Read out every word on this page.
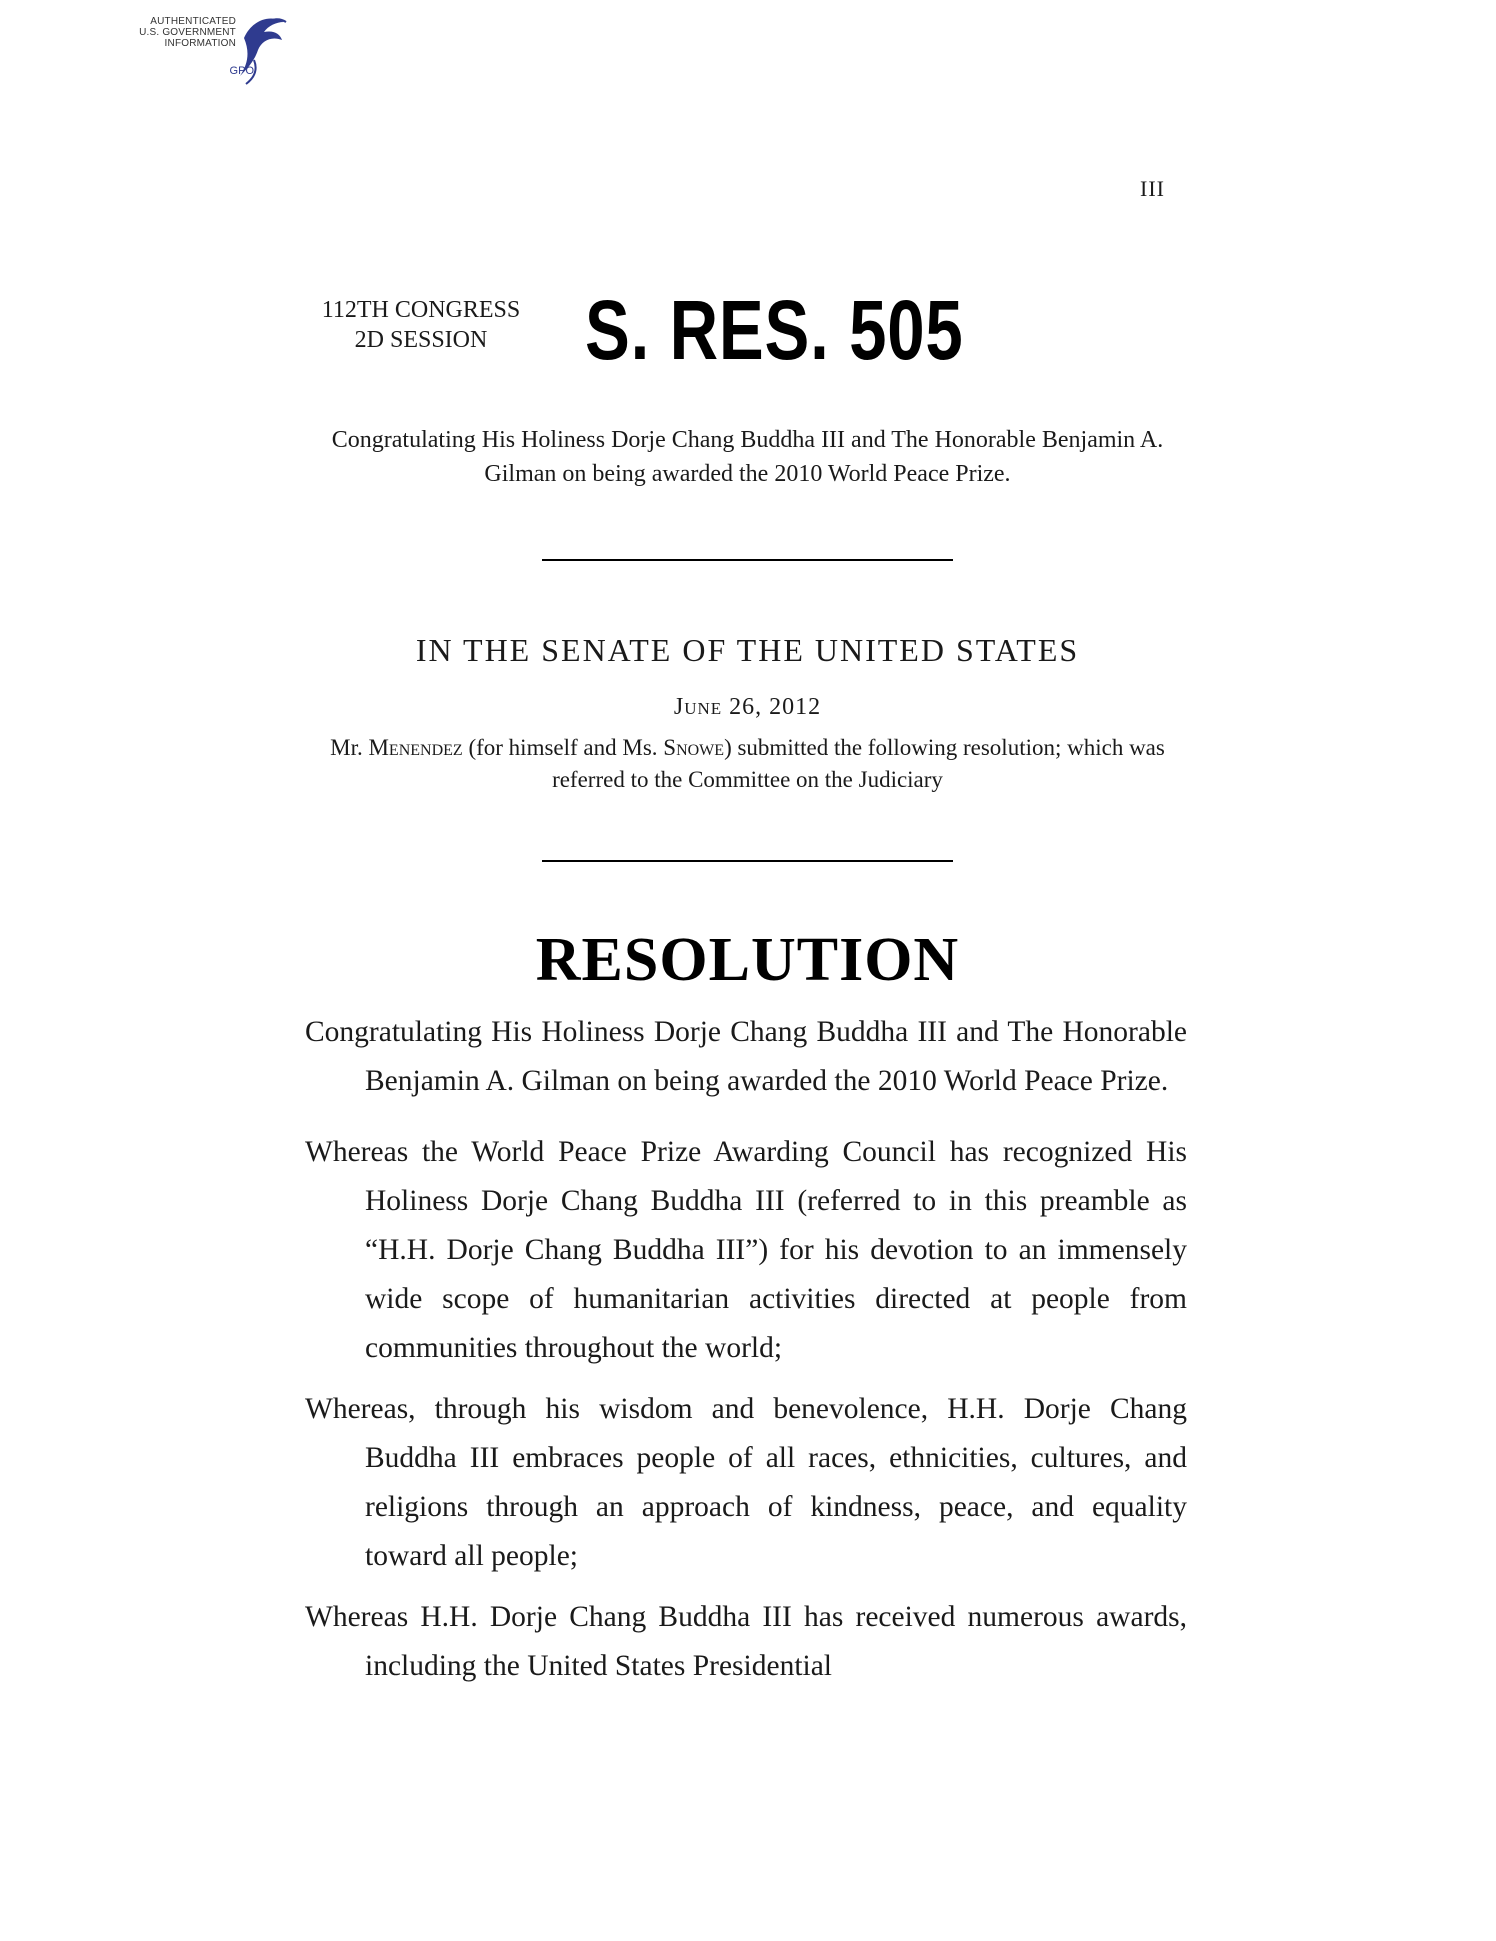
AUTHENTICATED
U.S. GOVERNMENT
INFORMATION
GPO
III
112TH CONGRESS
2D SESSION	S. RES. 505
Congratulating His Holiness Dorje Chang Buddha III and The Honorable Benjamin A. Gilman on being awarded the 2010 World Peace Prize.
IN THE SENATE OF THE UNITED STATES
June 26, 2012
Mr. Menendez (for himself and Ms. Snowe) submitted the following resolution; which was referred to the Committee on the Judiciary
RESOLUTION

Congratulating His Holiness Dorje Chang Buddha III and The Honorable Benjamin A. Gilman on being awarded the 2010 World Peace Prize.

Whereas the World Peace Prize Awarding Council has recognized His Holiness Dorje Chang Buddha III (referred to in this preamble as “H.H. Dorje Chang Buddha III”) for his devotion to an immensely wide scope of humanitarian activities directed at people from communities throughout the world;

Whereas, through his wisdom and benevolence, H.H. Dorje Chang Buddha III embraces people of all races, ethnicities, cultures, and religions through an approach of kindness, peace, and equality toward all people;

Whereas H.H. Dorje Chang Buddha III has received numerous awards, including the United States Presidential
